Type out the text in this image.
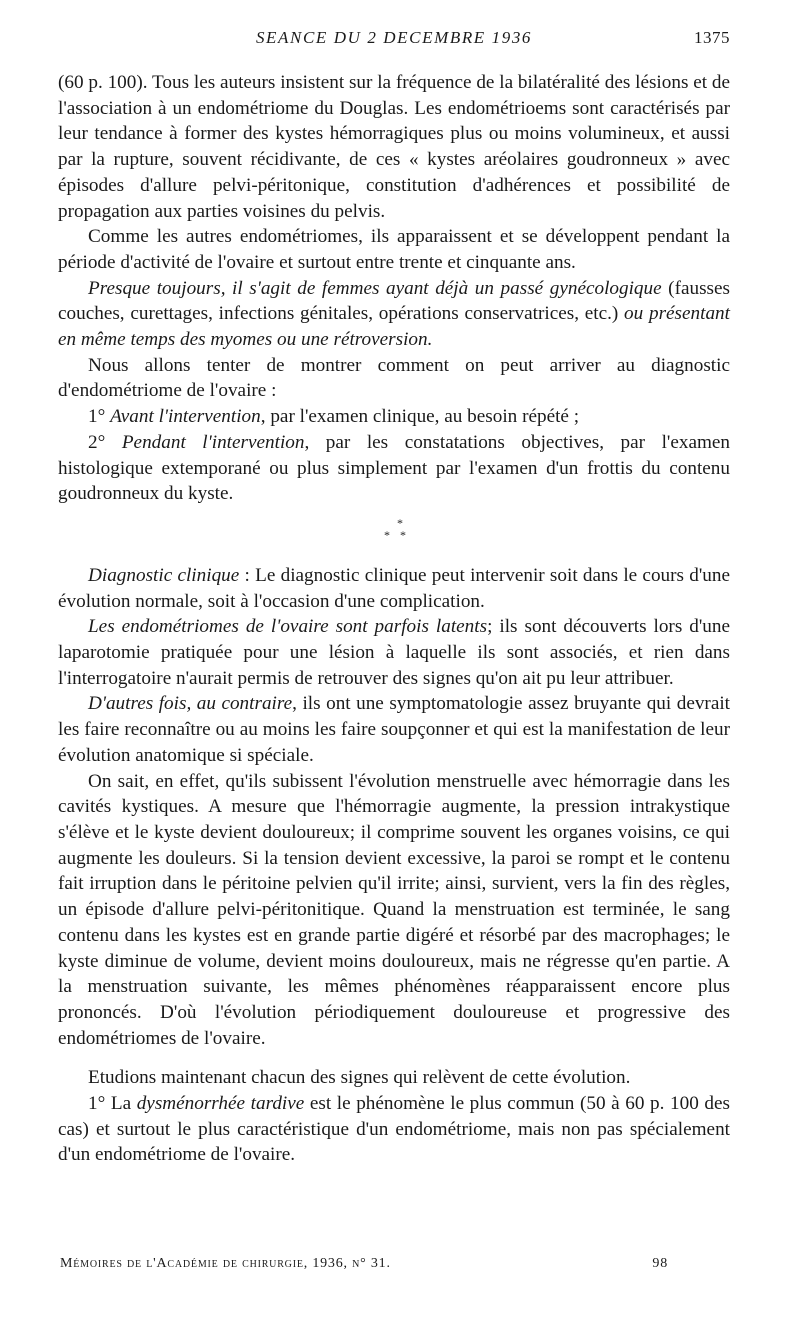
SEANCE DU 2 DECEMBRE 1936	1375

(60 p. 100). Tous les auteurs insistent sur la fréquence de la bilatéralité des lésions et de l'association à un endométriome du Douglas. Les endométrioems sont caractérisés par leur tendance à former des kystes hémorragiques plus ou moins volumineux, et aussi par la rupture, souvent récidivante, de ces « kystes aréolaires goudronneux » avec épisodes d'allure pelvi-péritonique, constitution d'adhérences et possibilité de propagation aux parties voisines du pelvis.

Comme les autres endométriomes, ils apparaissent et se développent pendant la période d'activité de l'ovaire et surtout entre trente et cinquante ans.

Presque toujours, il s'agit de femmes ayant déjà un passé gynécologique (fausses couches, curettages, infections génitales, opérations conservatrices, etc.) ou présentant en même temps des myomes ou une rétroversion.

Nous allons tenter de montrer comment on peut arriver au diagnostic d'endométriome de l'ovaire :

1° Avant l'intervention, par l'examen clinique, au besoin répété ;

2° Pendant l'intervention, par les constatations objectives, par l'examen histologique extemporané ou plus simplement par l'examen d'un frottis du contenu goudronneux du kyste.

*
**

Diagnostic clinique : Le diagnostic clinique peut intervenir soit dans le cours d'une évolution normale, soit à l'occasion d'une complication.

Les endométriomes de l'ovaire sont parfois latents; ils sont découverts lors d'une laparotomie pratiquée pour une lésion à laquelle ils sont associés, et rien dans l'interrogatoire n'aurait permis de retrouver des signes qu'on ait pu leur attribuer.

D'autres fois, au contraire, ils ont une symptomatologie assez bruyante qui devrait les faire reconnaître ou au moins les faire soupçonner et qui est la manifestation de leur évolution anatomique si spéciale.

On sait, en effet, qu'ils subissent l'évolution menstruelle avec hémorragie dans les cavités kystiques. A mesure que l'hémorragie augmente, la pression intrakystique s'élève et le kyste devient douloureux; il comprime souvent les organes voisins, ce qui augmente les douleurs. Si la tension devient excessive, la paroi se rompt et le contenu fait irruption dans le péritoine pelvien qu'il irrite; ainsi, survient, vers la fin des règles, un épisode d'allure pelvi-péritonitique. Quand la menstruation est terminée, le sang contenu dans les kystes est en grande partie digéré et résorbé par des macrophages; le kyste diminue de volume, devient moins douloureux, mais ne régresse qu'en partie. A la menstruation suivante, les mêmes phénomènes réapparaissent encore plus prononcés. D'où l'évolution périodiquement douloureuse et progressive des endométriomes de l'ovaire.

Etudions maintenant chacun des signes qui relèvent de cette évolution.

1° La dysménorrhée tardive est le phénomène le plus commun (50 à 60 p. 100 des cas) et surtout le plus caractéristique d'un endométriome, mais non pas spécialement d'un endométriome de l'ovaire.

Mémoires de l'Académie de chirurgie, 1936, n° 31.	98
